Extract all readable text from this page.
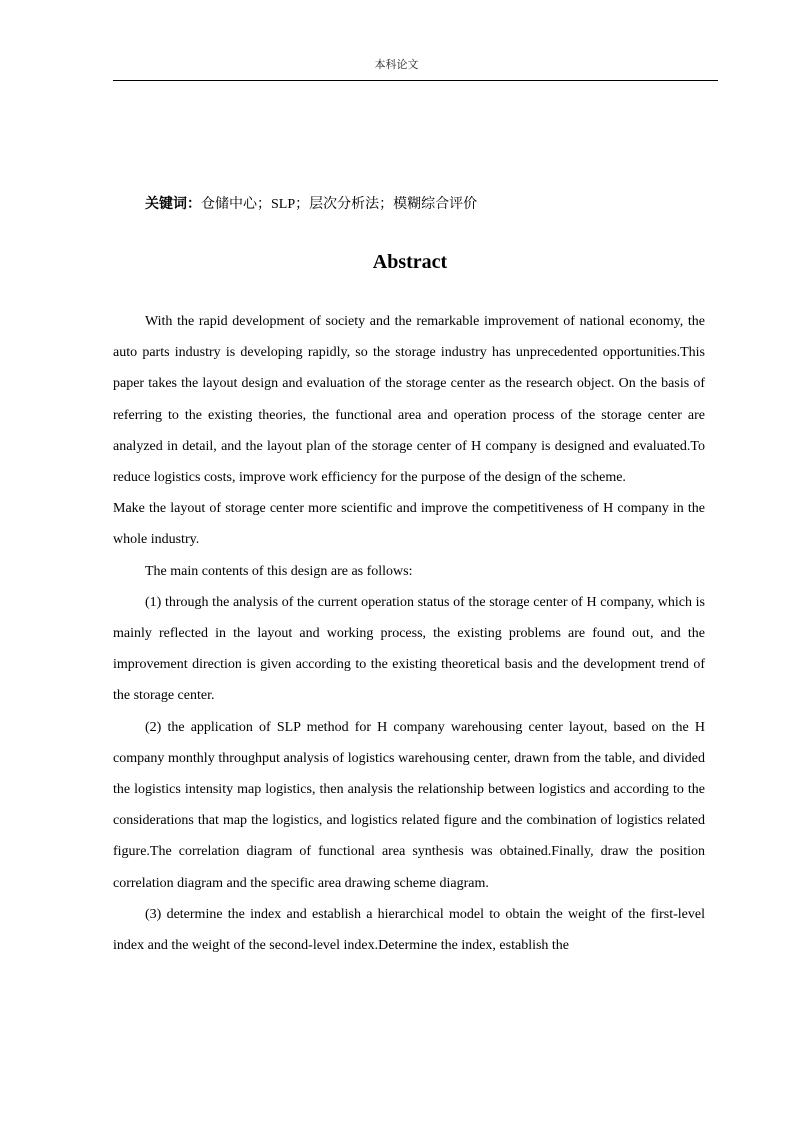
本科论文
关键词：仓储中心；SLP；层次分析法；模糊综合评价
Abstract

With the rapid development of society and the remarkable improvement of national economy, the auto parts industry is developing rapidly, so the storage industry has unprecedented opportunities.This paper takes the layout design and evaluation of the storage center as the research object. On the basis of referring to the existing theories, the functional area and operation process of the storage center are analyzed in detail, and the layout plan of the storage center of H company is designed and evaluated.To reduce logistics costs, improve work efficiency for the purpose of the design of the scheme.

Make the layout of storage center more scientific and improve the competitiveness of H company in the whole industry.

The main contents of this design are as follows:

(1) through the analysis of the current operation status of the storage center of H company, which is mainly reflected in the layout and working process, the existing problems are found out, and the improvement direction is given according to the existing theoretical basis and the development trend of the storage center.

(2) the application of SLP method for H company warehousing center layout, based on the H company monthly throughput analysis of logistics warehousing center, drawn from the table, and divided the logistics intensity map logistics, then analysis the relationship between logistics and according to the considerations that map the logistics, and logistics related figure and the combination of logistics related figure.The correlation diagram of functional area synthesis was obtained.Finally, draw the position correlation diagram and the specific area drawing scheme diagram.

(3) determine the index and establish a hierarchical model to obtain the weight of the first-level index and the weight of the second-level index.Determine the index, establish the
